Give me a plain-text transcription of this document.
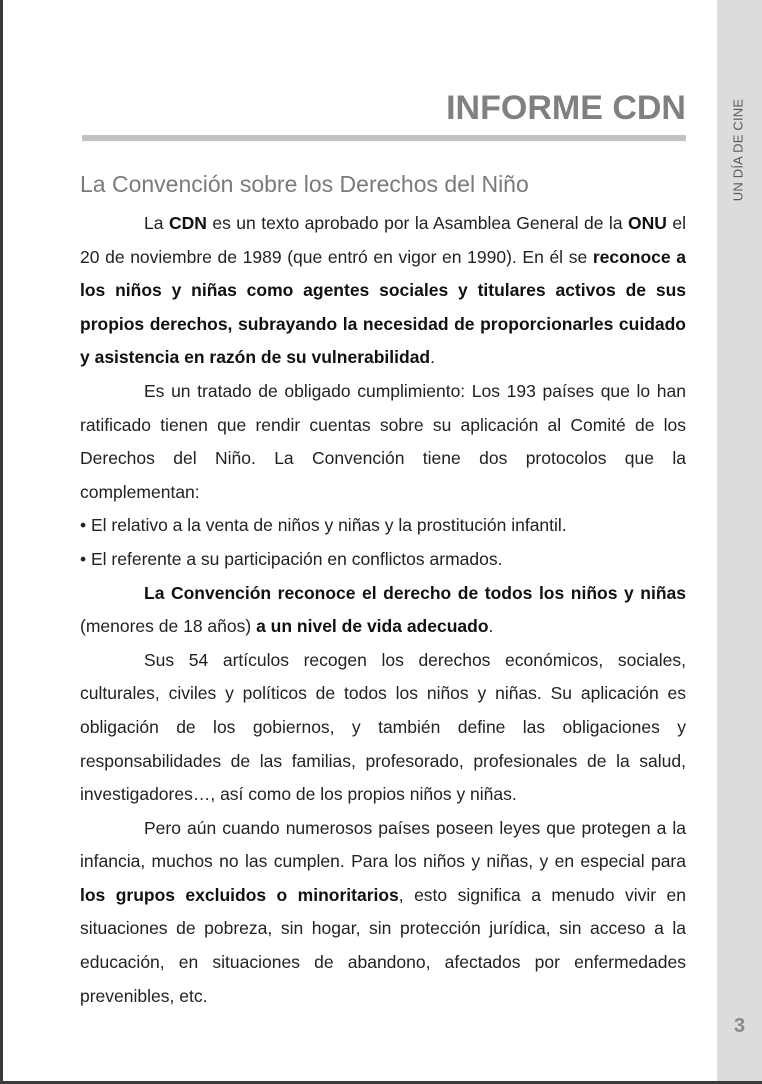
UN DÍA DE CINE
3
INFORME CDN
La Convención sobre los Derechos del Niño

La CDN es un texto aprobado por la Asamblea General de la ONU el 20 de noviembre de 1989 (que entró en vigor en 1990). En él se reconoce a los niños y niñas como agentes sociales y titulares activos de sus propios derechos, subrayando la necesidad de proporcionarles cuidado y asistencia en razón de su vulnerabilidad.

Es un tratado de obligado cumplimiento: Los 193 países que lo han ratificado tienen que rendir cuentas sobre su aplicación al Comité de los Derechos del Niño. La Convención tiene dos protocolos que la complementan:

• El relativo a la venta de niños y niñas y la prostitución infantil.
• El referente a su participación en conflictos armados.

La Convención reconoce el derecho de todos los niños y niñas (menores de 18 años) a un nivel de vida adecuado.

Sus 54 artículos recogen los derechos económicos, sociales, culturales, civiles y políticos de todos los niños y niñas. Su aplicación es obligación de los gobiernos, y también define las obligaciones y responsabilidades de las familias, profesorado, profesionales de la salud, investigadores…, así como de los propios niños y niñas.

Pero aún cuando numerosos países poseen leyes que protegen a la infancia, muchos no las cumplen. Para los niños y niñas, y en especial para los grupos excluidos o minoritarios, esto significa a menudo vivir en situaciones de pobreza, sin hogar, sin protección jurídica, sin acceso a la educación, en situaciones de abandono, afectados por enfermedades prevenibles, etc.
